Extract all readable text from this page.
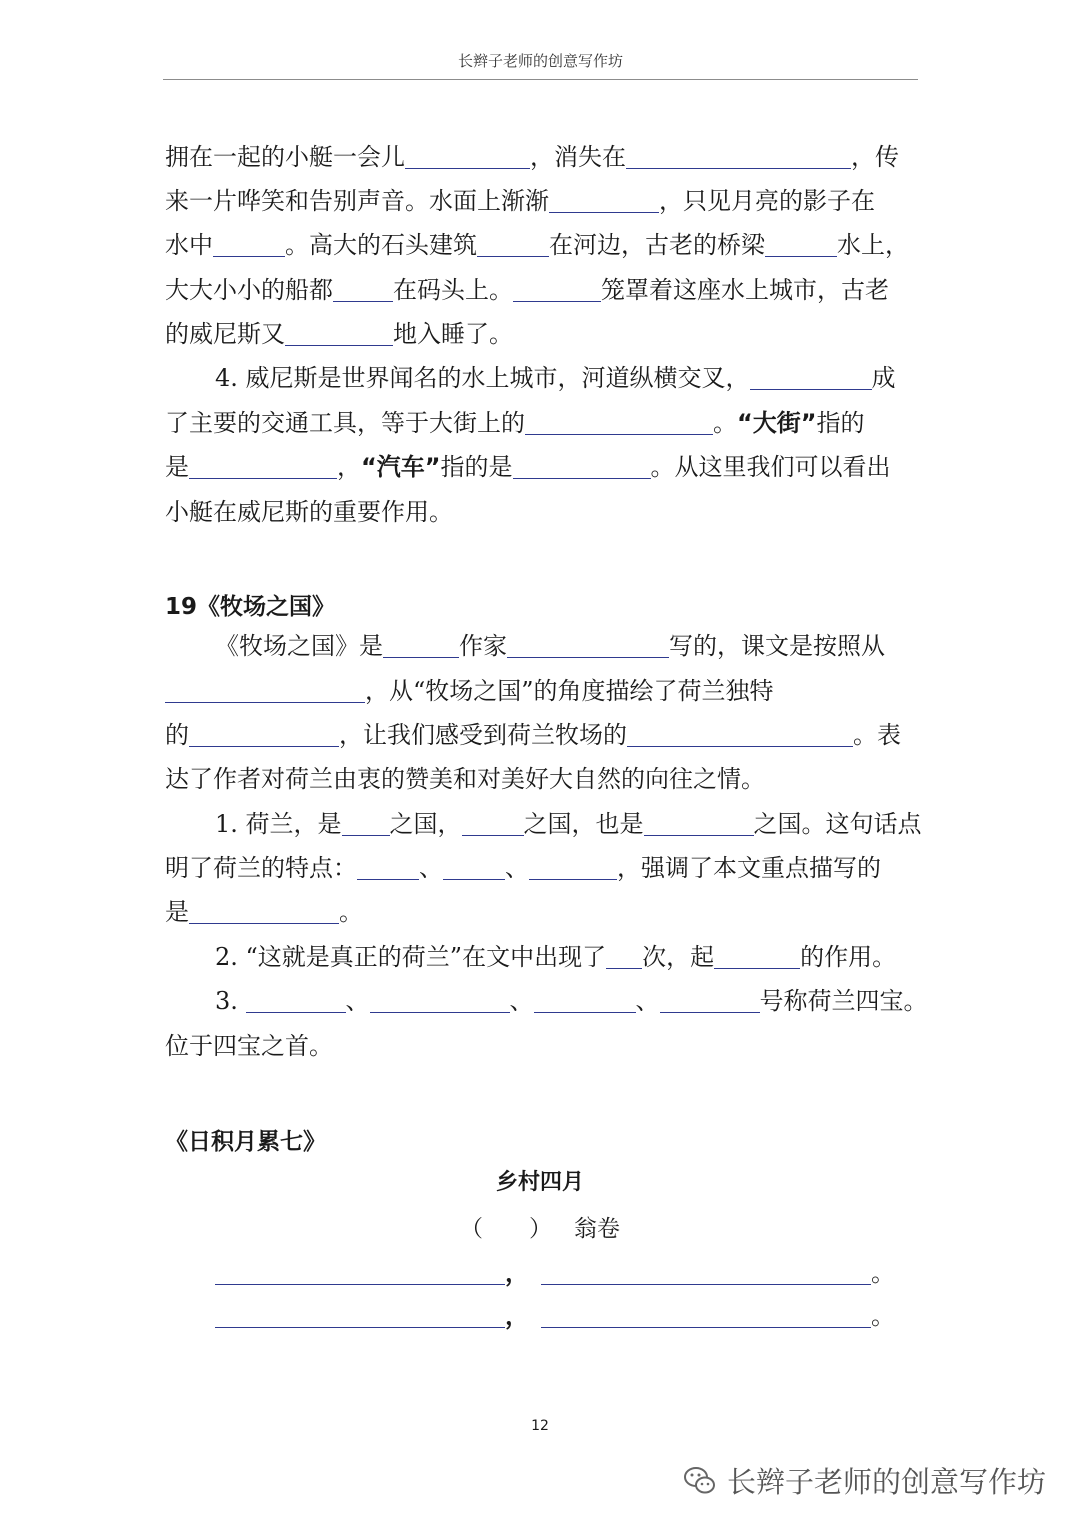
长辫子老师的创意写作坊
拥在一起的小艇一会儿	，消失在	，传
来一片哗笑和告别声音。水面上渐渐	，只见月亮的影子在
水中	。高大的石头建筑	在河边，古老的桥梁	水上，
大大小小的船都	在码头上。	笼罩着这座水上城市，古老
的威尼斯又	地入睡了。
4. 威尼斯是世界闻名的水上城市，河道纵横交叉，	成
了主要的交通工具，等于大街上的	。“大街”指的
是	，“汽车”指的是	。从这里我们可以看出
小艇在威尼斯的重要作用。
19《牧场之国》
《牧场之国》是	作家	写的，课文是按照从
，从“牧场之国”的角度描绘了荷兰独特
的	，让我们感受到荷兰牧场的	。表
达了作者对荷兰由衷的赞美和对美好大自然的向往之情。
1. 荷兰，是 之国，	之国，也是	之国。这句话点
明了荷兰的特点：	、	、	，强调了本文重点描写的
是	。
2. “这就是真正的荷兰”在文中出现了 次，起	的作用。
3.	、	、	、	号称荷兰四宝。
位于四宝之首。
《日积月累七》
乡村四月
（　　） 翁卷
，	。
，	。
12
长辫子老师的创意写作坊
